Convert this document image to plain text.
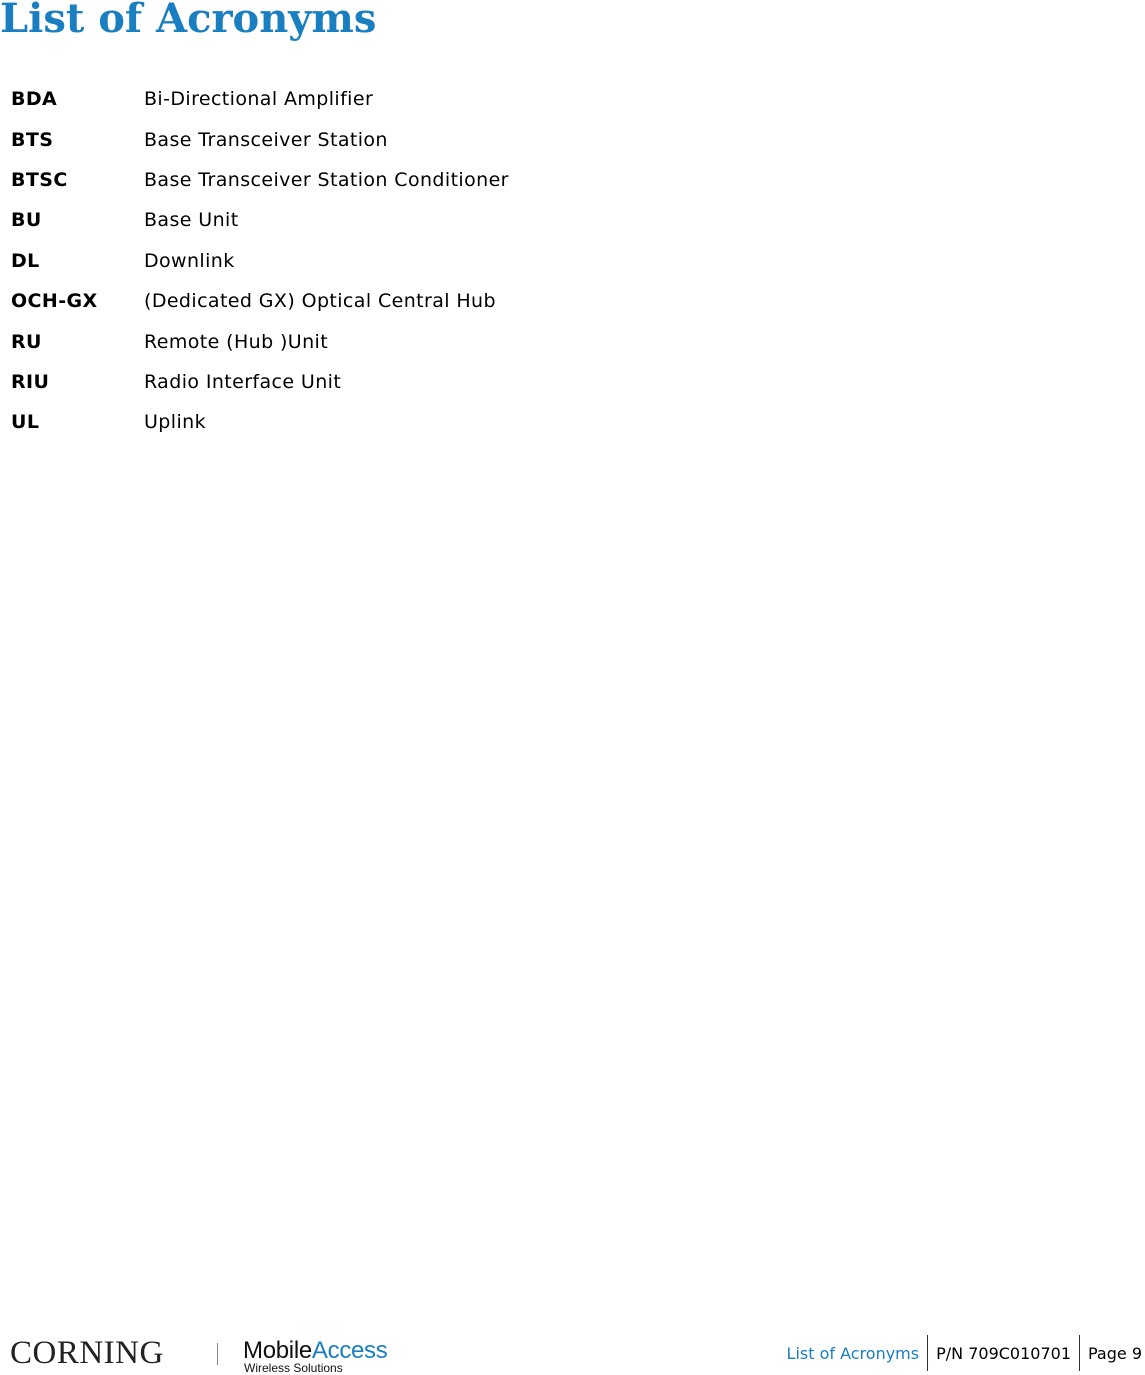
List of Acronyms
BDA	Bi-Directional Amplifier
BTS	Base Transceiver Station
BTSC	Base Transceiver Station Conditioner
BU	Base Unit
DL	Downlink
OCH-GX	(Dedicated GX) Optical Central Hub
RU	Remote (Hub )Unit
RIU	Radio Interface Unit
UL	Uplink
CORNING	MobileAccess
Wireless Solutions
List of Acronyms	P/N 709C010701	Page 9
